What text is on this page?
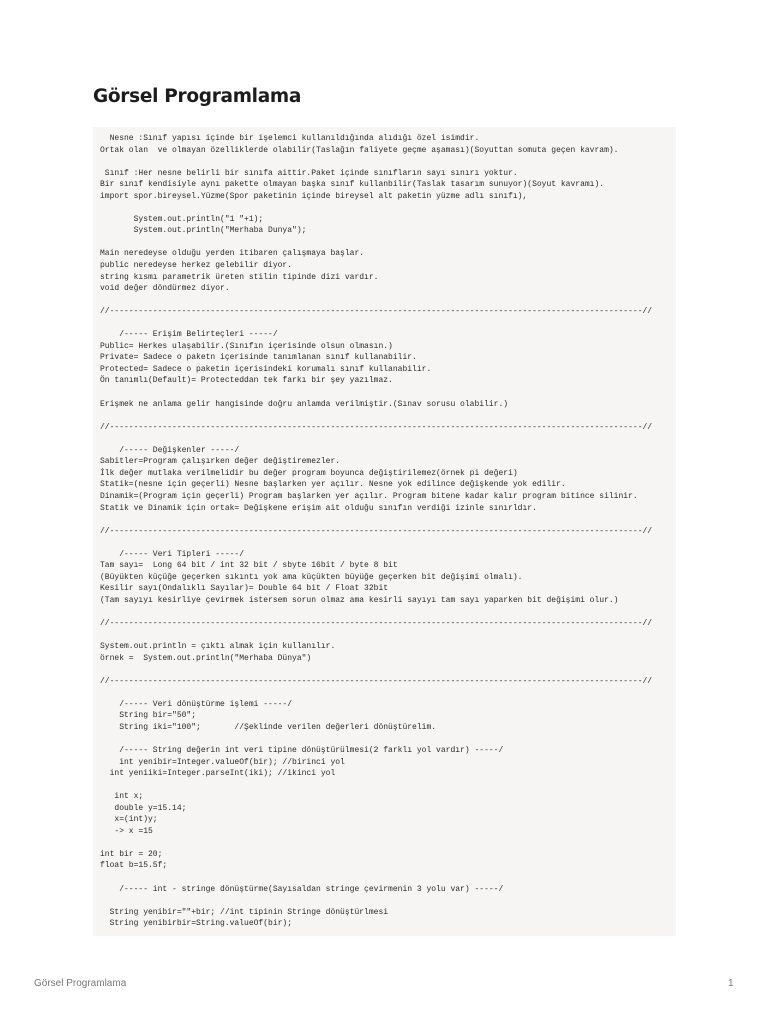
Görsel Programlama
Nesne :Sınıf yapısı içinde bir işelemci kullanıldığında alıdığı özel isimdir.
Ortak olan  ve olmayan özelliklerde olabilir(Taslağın faliyete geçme aşaması)(Soyuttan somuta geçen kavram).
Sınıf :Her nesne belirli bir sınıfa aittir.Paket içinde sınıfların sayı sınırı yoktur.
Bir sınıf kendisiyle aynı pakette olmayan başka sınıf kullanbilir(Taslak tasarım sunuyor)(Soyut kavramı).
import spor.bireysel.Yüzme(Spor paketinin içinde bireysel alt paketin yüzme adlı sınıfı),
System.out.println("1 "+1);
System.out.println("Merhaba Dunya");
Main neredeyse olduğu yerden itibaren çalışmaya başlar.
public neredeyse herkez gelebilir diyor.
string kısmı parametrik üreten stilin tipinde dizi vardır.
void değer döndürmez diyor.
//---------------------------------------------------------------------------------------------------------------//
/----- Erişim Belirteçleri -----/
Public= Herkes ulaşabilir.(Sınıfın içerisinde olsun olmasın.)
Private= Sadece o paketn içerisinde tanımlanan sınıf kullanabilir.
Protected= Sadece o paketin içerisindeki korumalı sınıf kullanabilir.
Ön tanımlı(Default)= Protecteddan tek farkı bir şey yazılmaz.
Erişmek ne anlama gelir hangisinde doğru anlamda verilmiştir.(Sınav sorusu olabilir.)
//---------------------------------------------------------------------------------------------------------------//
/----- Değişkenler -----/
Sabitler=Program çalışırken değer değiştiremezler.
İlk değer mutlaka verilmelidir bu değer program boyunca değiştirilemez(örnek pi değeri)
Statik=(nesne için geçerli) Nesne başlarken yer açılır. Nesne yok edilince değişkende yok edilir.
Dinamik=(Program için geçerli) Program başlarken yer açılır. Program bitene kadar kalır program bitince silinir.
Statik ve Dinamik için ortak= Değişkene erişim ait olduğu sınıfın verdiği izinle sınırldır.
//---------------------------------------------------------------------------------------------------------------//
/----- Veri Tipleri -----/
Tam sayı=  Long 64 bit / int 32 bit / sbyte 16bit / byte 8 bit
(Büyükten küçüğe geçerken sıkıntı yok ama küçükten büyüğe geçerken bit değişimi olmalı).
Kesilir sayı(Ondalıklı Sayılar)= Double 64 bit / Float 32bit
(Tam sayıyı kesirliye çevirmek istersem sorun olmaz ama kesirli sayıyı tam sayı yaparken bit değişimi olur.)
//---------------------------------------------------------------------------------------------------------------//
System.out.println = çıktı almak için kullanılır.
örnek =  System.out.println("Merhaba Dünya")
//---------------------------------------------------------------------------------------------------------------//
/----- Veri dönüştürme işlemi -----/
String bir="50";
String iki="100";       //Şeklinde verilen değerleri dönüştürelim.
/----- String değerin int veri tipine dönüştürülmesi(2 farklı yol vardır) -----/
int yenibir=Integer.valueOf(bir); //birinci yol
int yeniiki=Integer.parseInt(iki); //ikinci yol
int x;
double y=15.14;
x=(int)y;
-> x =15
int bir = 20;
float b=15.5f;
/----- int - stringe dönüştürme(Sayısaldan stringe çevirmenin 3 yolu var) -----/
String yenibir=""+bir; //int tipinin Stringe dönüştürlmesi
String yenibirbir=String.valueOf(bir);
Görsel Programlama	1
